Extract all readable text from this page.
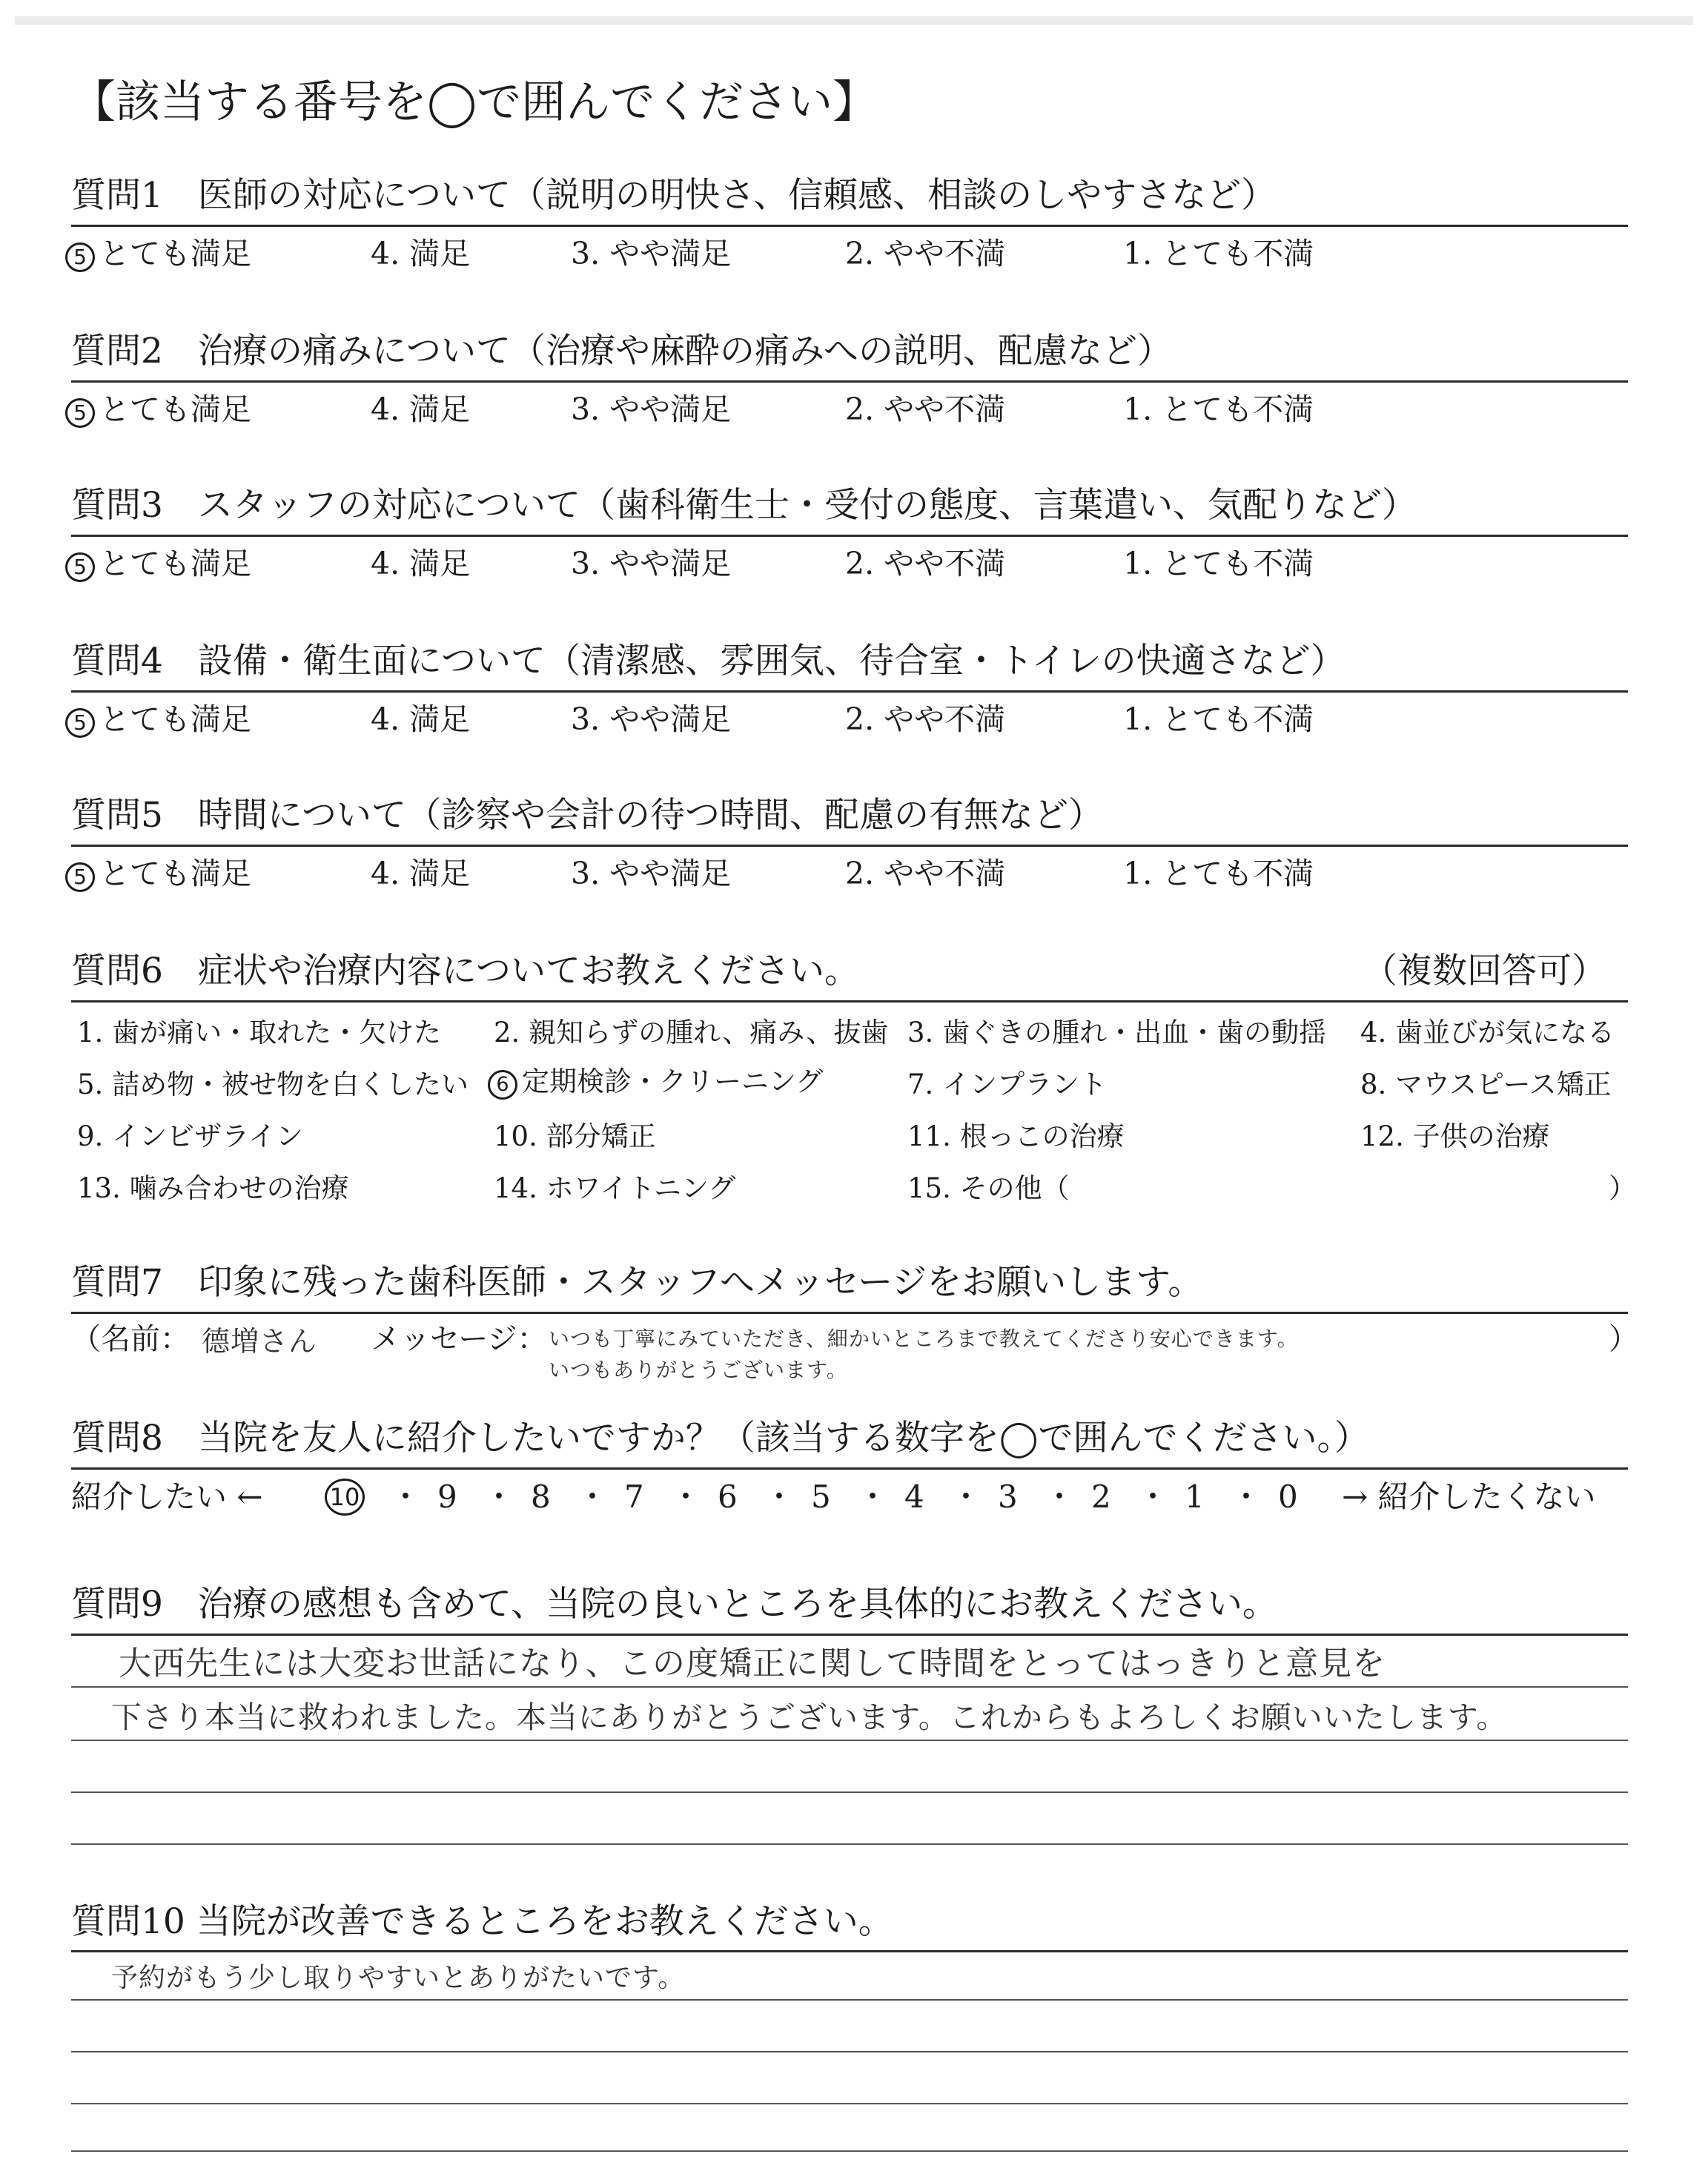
【該当する番号を◯で囲んでください】
質問1　医師の対応について（説明の明快さ、信頼感、相談のしやすさなど）
5 とても満足	4. 満足	3. やや満足	2. やや不満	1. とても不満
質問2　治療の痛みについて（治療や麻酔の痛みへの説明、配慮など）
5 とても満足	4. 満足	3. やや満足	2. やや不満	1. とても不満
質問3　スタッフの対応について（歯科衛生士・受付の態度、言葉遣い、気配りなど）
5 とても満足	4. 満足	3. やや満足	2. やや不満	1. とても不満
質問4　設備・衛生面について（清潔感、雰囲気、待合室・トイレの快適さなど）
5 とても満足	4. 満足	3. やや満足	2. やや不満	1. とても不満
質問5　時間について（診察や会計の待つ時間、配慮の有無など）
5 とても満足	4. 満足	3. やや満足	2. やや不満	1. とても不満
質問6　症状や治療内容についてお教えください。	（複数回答可）
1. 歯が痛い・取れた・欠けた 2. 親知らずの腫れ、痛み、抜歯 3. 歯ぐきの腫れ・出血・歯の動揺 4. 歯並びが気になる
5. 詰め物・被せ物を白くしたい	6 定期検診・クリーニング	7. インプラント	8. マウスピース矯正
9. インビザライン	10. 部分矯正	11. 根っこの治療	12. 子供の治療
13. 噛み合わせの治療	14. ホワイトニング	15. その他（	）
質問7　印象に残った歯科医師・スタッフへメッセージをお願いします。
（名前： 德増さん メッセージ： いつも丁寧にみていただき、細かいところまで教えてくださり安心できます。
いつもありがとうございます。
）
質問8　当院を友人に紹介したいですか？（該当する数字を◯で囲んでください。）
紹介したい ←	10 ・ 9 ・ 8 ・ 7 ・ 6 ・ 5 ・ 4 ・ 3 ・ 2 ・ 1 ・ 0 → 紹介したくない
質問9　治療の感想も含めて、当院の良いところを具体的にお教えください。
大西先生には大変お世話になり、この度矯正に関して時間をとってはっきりと意見を
下さり本当に救われました。本当にありがとうございます。これからもよろしくお願いいたします。
質問10 当院が改善できるところをお教えください。
予約がもう少し取りやすいとありがたいです。
